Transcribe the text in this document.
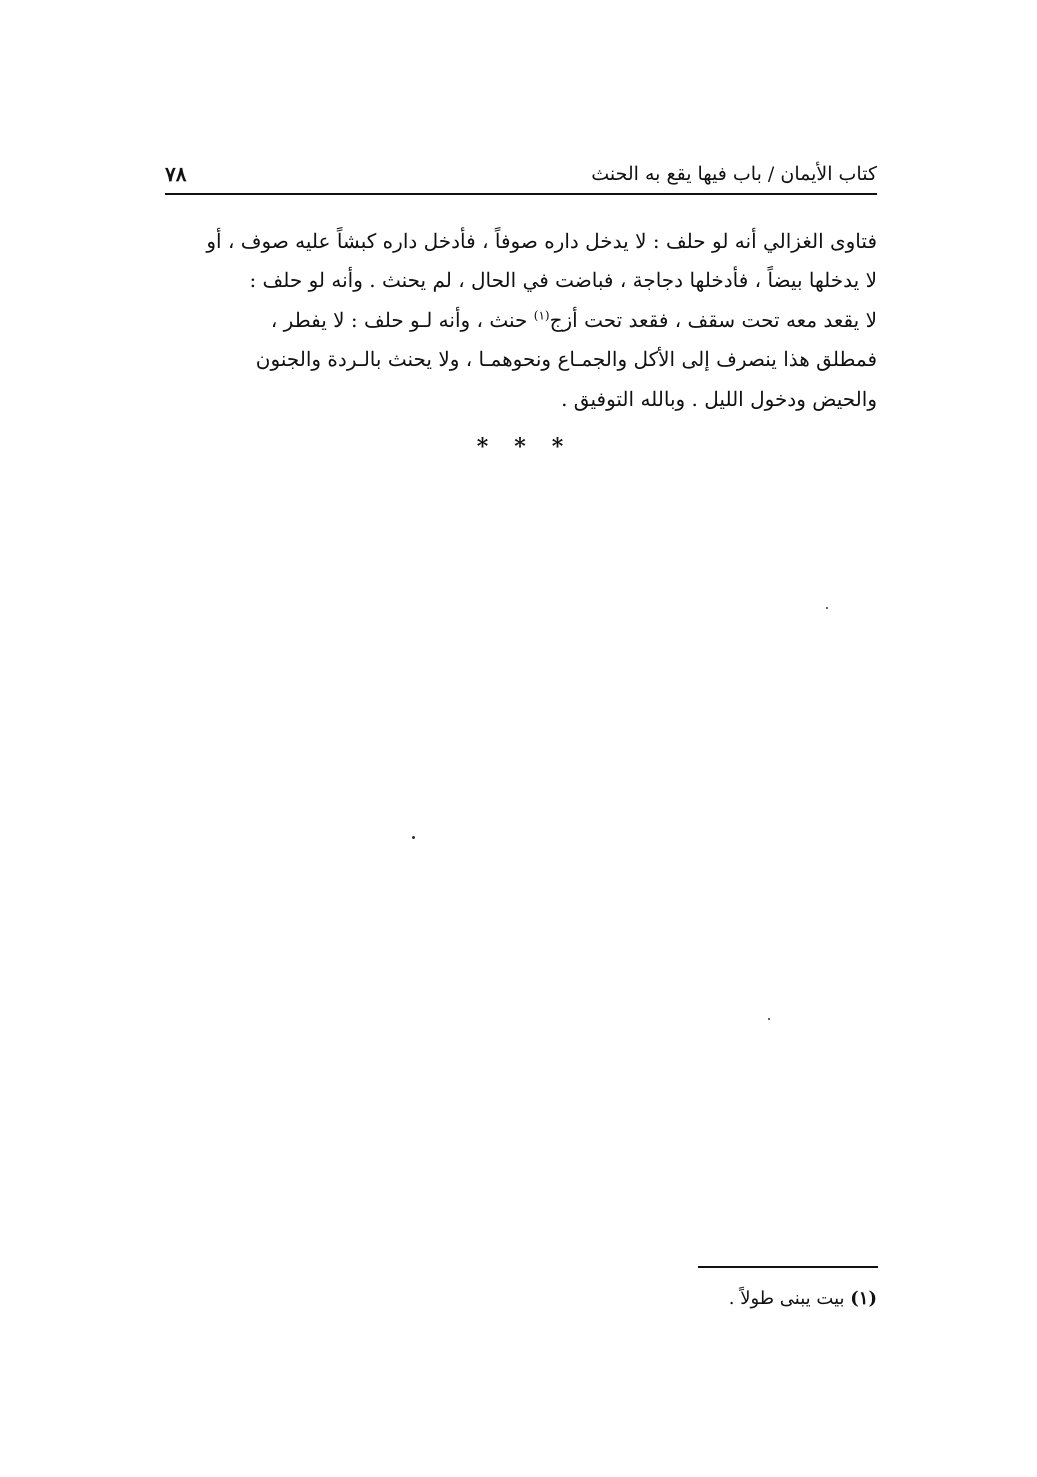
كتاب الأيمان / باب فيها يقع به الحنث
٧٨
فتاوى الغزالي أنه لو حلف : لا يدخل داره صوفاً ، فأدخل داره كبشاً عليه صوف ، أو
لا يدخلها بيضاً ، فأدخلها دجاجة ، فباضت في الحال ، لم يحنث . وأنه لو حلف :
لا يقعد معه تحت سقف ، فقعد تحت أزج$^{(١)}$ حنث ، وأنه لـو حلف : لا يفطر ،
فمطلق هذا ينصرف إلى الأكل والجمـاع ونحوهمـا ، ولا يحنث بالـردة والجنون
والحيض ودخول الليل . وبالله التوفيق .
* * *
(١) بيت يبنى طولاً .
